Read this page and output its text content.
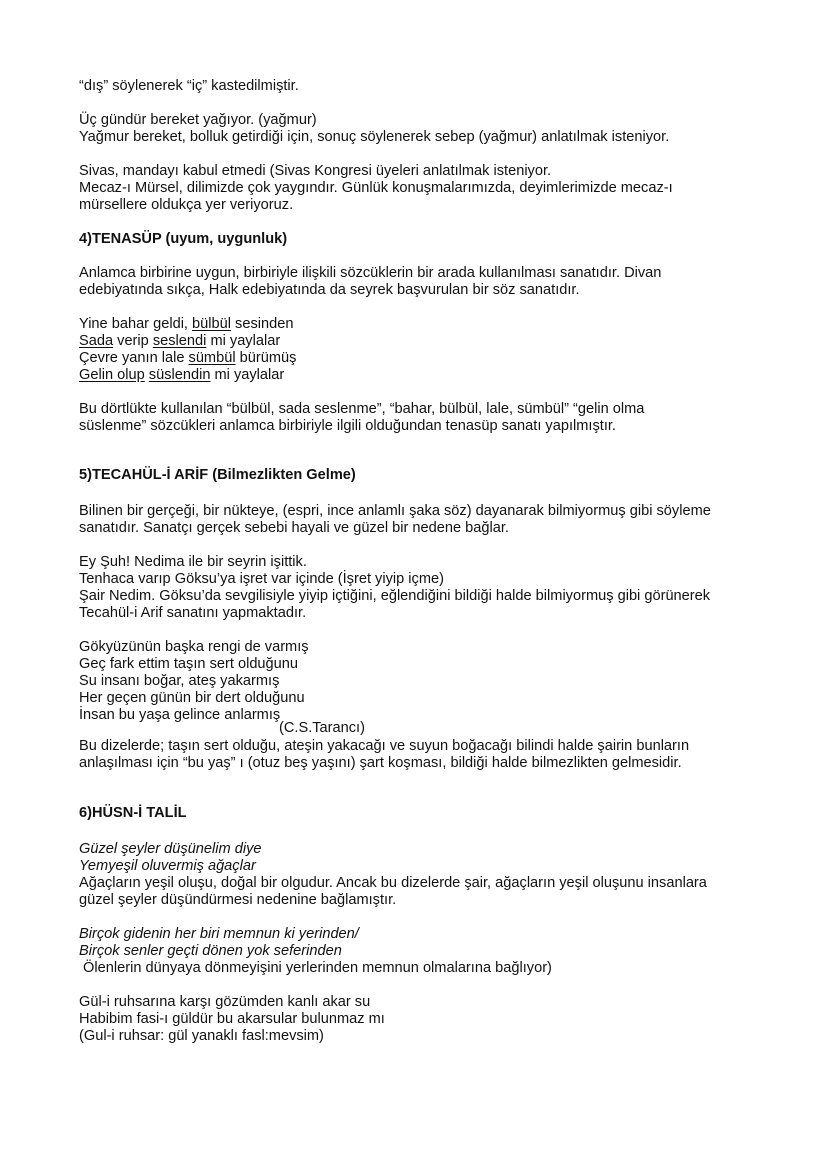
“dış” söylenerek “iç” kastedilmiştir.
Üç gündür bereket yağıyor. (yağmur)
Yağmur bereket, bolluk getirdiği için, sonuç söylenerek sebep (yağmur) anlatılmak isteniyor.
Sivas, mandayı kabul etmedi (Sivas Kongresi üyeleri anlatılmak isteniyor.
Mecaz-ı Mürsel, dilimizde çok yaygındır. Günlük konuşmalarımızda, deyimlerimizde mecaz-ı
mürsellere oldukça yer veriyoruz.
4)TENASÜP (uyum, uygunluk)
Anlamca birbirine uygun, birbiriyle ilişkili sözcüklerin bir arada kullanılması sanatıdır. Divan
edebiyatında sıkça, Halk edebiyatında da seyrek başvurulan bir söz sanatıdır.
Yine bahar geldi, bülbül sesinden
Sada verip seslendi mi yaylalar
Çevre yanın lale sümbül bürümüş
Gelin olup süslendin mi yaylalar
Bu dörtlükte kullanılan “bülbül, sada seslenme”, “bahar, bülbül, lale, sümbül” “gelin olma
süslenme” sözcükleri anlamca birbiriyle ilgili olduğundan tenasüp sanatı yapılmıştır.
5)TECAHÜL-İ ARİF (Bilmezlikten Gelme)
Bilinen bir gerçeği, bir nükteye, (espri, ince anlamlı şaka söz) dayanarak bilmiyormuş gibi söyleme
sanatıdır. Sanatçı gerçek sebebi hayali ve güzel bir nedene bağlar.
Ey Şuh! Nedima ile bir seyrin işittik.
Tenhaca varıp Göksu’ya işret var içinde (İşret yiyip içme)
Şair Nedim. Göksu’da sevgilisiyle yiyip içtiğini, eğlendiğini bildiği halde bilmiyormuş gibi görünerek
Tecahül-i Arif sanatını yapmaktadır.
Gökyüzünün başka rengi de varmış
Geç fark ettim taşın sert olduğunu
Su insanı boğar, ateş yakarmış
Her geçen günün bir dert olduğunu
İnsan bu yaşa gelince anlarmış
(C.S.Tarancı)
Bu dizelerde; taşın sert olduğu, ateşin yakacağı ve suyun boğacağı bilindi halde şairin bunların
anlaşılması için “bu yaş” ı (otuz beş yaşını) şart koşması, bildiği halde bilmezlikten gelmesidir.
6)HÜSN-İ TALİL
Güzel şeyler düşünelim diye
Yemyeşil oluvermiş ağaçlar
Ağaçların yeşil oluşu, doğal bir olgudur. Ancak bu dizelerde şair, ağaçların yeşil oluşunu insanlara
güzel şeyler düşündürmesi nedenine bağlamıştır.
Birçok gidenin her biri memnun ki yerinden/
Birçok senler geçti dönen yok seferinden
Ölenlerin dünyaya dönmeyişini yerlerinden memnun olmalarına bağlıyor)
Gül-i ruhsarına karşı gözümden kanlı akar su
Habibim fasi-ı güldür bu akarsular bulunmaz mı
(Gul-i ruhsar: gül yanaklı fasl:mevsim)
